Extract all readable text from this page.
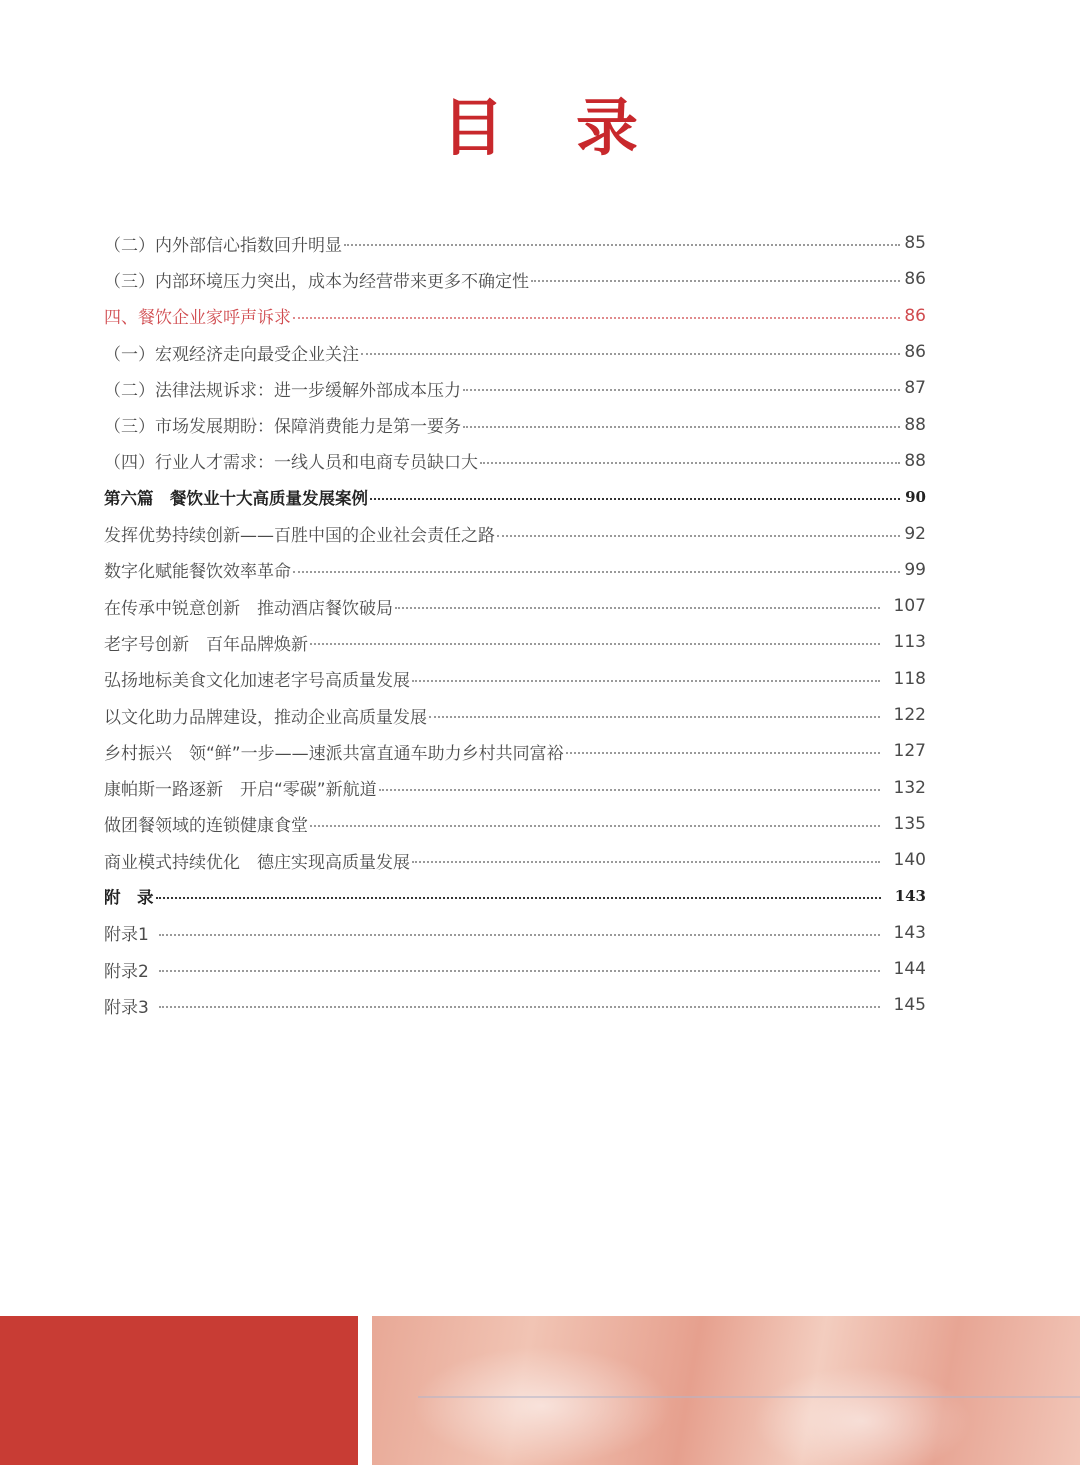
目 录
（二）内外部信心指数回升明显	85
（三）内部环境压力突出，成本为经营带来更多不确定性	86
四、餐饮企业家呼声诉求	86
（一）宏观经济走向最受企业关注	86
（二）法律法规诉求：进一步缓解外部成本压力	87
（三）市场发展期盼：保障消费能力是第一要务	88
（四）行业人才需求：一线人员和电商专员缺口大	88
第六篇　餐饮业十大高质量发展案例	90
发挥优势持续创新——百胜中国的企业社会责任之路	92
数字化赋能餐饮效率革命	99
在传承中锐意创新　推动酒店餐饮破局	107
老字号创新　百年品牌焕新	113
弘扬地标美食文化加速老字号高质量发展	118
以文化助力品牌建设，推动企业高质量发展	122
乡村振兴　领“鲜”一步——速派共富直通车助力乡村共同富裕	127
康帕斯一路逐新　开启“零碳”新航道	132
做团餐领域的连锁健康食堂	135
商业模式持续优化　德庄实现高质量发展	140
附　录	143
附录1	143
附录2	144
附录3	145
